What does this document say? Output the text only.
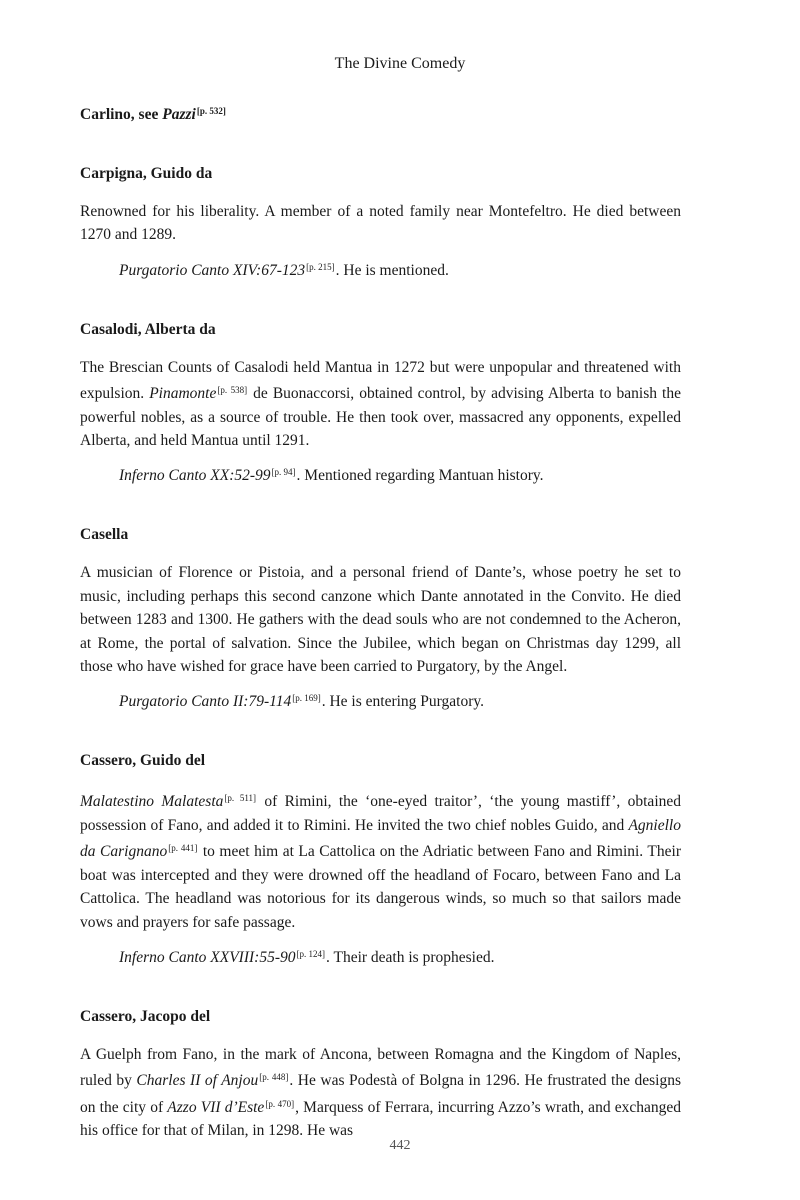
The Divine Comedy

Carlino, see Pazzi[p. 532]

Carpigna, Guido da

Renowned for his liberality. A member of a noted family near Montefeltro. He died between 1270 and 1289.

Purgatorio Canto XIV:67-123[p. 215]. He is mentioned.

Casalodi, Alberta da

The Brescian Counts of Casalodi held Mantua in 1272 but were unpopular and threatened with expulsion. Pinamonte[p. 538] de Buonaccorsi, obtained control, by advising Alberta to banish the powerful nobles, as a source of trouble. He then took over, massacred any opponents, expelled Alberta, and held Mantua until 1291.

Inferno Canto XX:52-99[p. 94]. Mentioned regarding Mantuan history.

Casella

A musician of Florence or Pistoia, and a personal friend of Dante’s, whose poetry he set to music, including perhaps this second canzone which Dante annotated in the Convito. He died between 1283 and 1300. He gathers with the dead souls who are not condemned to the Acheron, at Rome, the portal of salvation. Since the Jubilee, which began on Christmas day 1299, all those who have wished for grace have been carried to Purgatory, by the Angel.

Purgatorio Canto II:79-114[p. 169]. He is entering Purgatory.

Cassero, Guido del

Malatestino Malatesta[p. 511] of Rimini, the ‘one-eyed traitor’, ‘the young mastiff’, obtained possession of Fano, and added it to Rimini. He invited the two chief nobles Guido, and Agniello da Carignano[p. 441] to meet him at La Cattolica on the Adriatic between Fano and Rimini. Their boat was intercepted and they were drowned off the headland of Focaro, between Fano and La Cattolica. The headland was notorious for its dangerous winds, so much so that sailors made vows and prayers for safe passage.

Inferno Canto XXVIII:55-90[p. 124]. Their death is prophesied.

Cassero, Jacopo del

A Guelph from Fano, in the mark of Ancona, between Romagna and the Kingdom of Naples, ruled by Charles II of Anjou[p. 448]. He was Podestà of Bolgna in 1296. He frustrated the designs on the city of Azzo VII d’Este[p. 470], Marquess of Ferrara, incurring Azzo’s wrath, and exchanged his office for that of Milan, in 1298. He was

442
